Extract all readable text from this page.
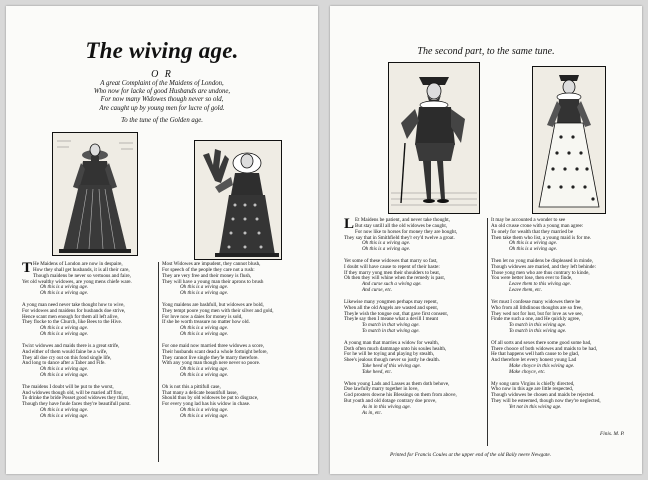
The wiving age.
O R
A great Complaint of the Maidens of London,
Who now for lacke of good Husbands are undone,
For now many Widowes though never so old,
Are caught up by young men for lucre of gold.
To the tune of the Golden age.
T He Maidens of London are now in despaire,
How they shall get husbands, it is all their care,
Though maidens be never so vertuous and faire,
Yet old wealthy widowes, are yong mens chiefe ware.
Oh this is a wiving age.
Oh this is a wiving age.
A yong man need never take thought how to wive,
For widowes and maidens for husbands doe strive,
Hence scant men enough for them all left alive,
They flocke to the Church, like Bees to the Hive.
Oh this is a wiving age.
Oh this is a wiving age.
Twixt widowes and maids there is a great strife,
And either of them would faine be a wife,
They all doe cry out on this fond single life,
And long to dance after a Taber and Fife.
Oh this is a wiving age.
Oh this is a wiving age.
The maidens I doubt will be put to the worst,
And widowes though old, will be maried aff first,
To drinke the bride Posset good widowes they thirst,
Though they have foule faces they're beautifull purst.
Oh this is a wiving age.
Oh this is a wiving age.
Most Widowes are impudent, they cannot blush,
For speech of the people they care not a rush:
They are very free and their money is flush,
They will have a young man their aprons to brush
Oh this is a wiving age.
Oh this is a wiving age.
Yong maidens are bashfull, but widowes are bold,
They tempt poore yong men with their silver and gold,
For love now a daies for money is sold,
If she be worth treasure no matter how old.
Oh this is a wiving age.
Oh this is a wiving age.
For one maid now married three widowes a score,
Their husbands scant dead a whole fortnight before,
They cannot live single they'le marry therefore.
With any yong man though nere never so poore.
Oh this is a wiving age.
Oh this is a wiving age.
Oh is not this a pittifull case,
That many a delicate beautifull lasse,
Should thus by old widowes be put to disgrace,
For every yong lad has his widow in chase.
Oh this is a wiving age.
Oh this is a wiving age.
The second part, to the same tune.
L Et Maidens be patient, and never take thought,
But stay untill all the old widowes be caught,
For now like to horses for money they are bought,
They say that in Smithfield they'r ery'd twelve a groat.
Oh this is a wiving age.
Oh this is a wiving age.
Yet some of these widowes that marry so fast,
I doubt will have cause to repent of their haste:
If they marry yong men their shoulders to beat,
Oh then they will whine when the remedy is past,
And curse such a wiving age.
And curse, etc.
Likewise many yongmen perhaps may repent,
When all the old Angels are wasted and spent,
Theyle wish the tongue out, that gave first consent,
Theyle say then I meane what a devill I meant
To match in that wiving age.
To match in that wiving age.
A young man that marries a widow for wealth,
Doth often much dammage unto his soules health,
For he will be toying and playing by stealth,
Shee's jealous though never so justly he dealth.
Take heed of this wiving age.
Take heed, etc.
When young Lads and Lasses as them doth behove,
Doe lawfully marry together in love,
God prosters downe his Blessings on them from above,
But youth and old dotage contrary doe prove,
As in in this wiving age.
As in, etc.
It may be accounted a wonder to see
An old crusse crone with a young man agree:
To onely for wealth that they married be
Then take them who list, a young maid is for me.
Oh this is a wiving age.
Oh this is a wiving age.
Then let no yong maidens be displeased in minde,
Though widowes are maried, and they left behinde:
Those yong men who are thus contrary to kinde,
You were better lose, then ever to finde,
Leave them to this wiving age.
Leave them, etc.
Yet must I confesse many widowes there be
Who from all lithdinous thoughts are so free,
They wed not for lust, but for love as we see,
Finde me such a one, and He quickly agree,
To match in this wiving age.
To match in this wiving age.
Of all sorts and sexes there some good some bad,
There chooce of both widowes and maids to be had,
He that happens well hath cause to be glad,
And therefore let every honest young Lad
Make choyce in this wiving age.
Make choyce, etc.
My song unto Virgins is chiefly directed,
Who now in this age are little respected,
Though widowes be chosen and maids be rejected.
They will be esteemed, though now they're neglected,
Yet not in this wiving age.
Finis. M. P.
Printed for Francis Coules at the upper end of the old Baily neere Newgate.
